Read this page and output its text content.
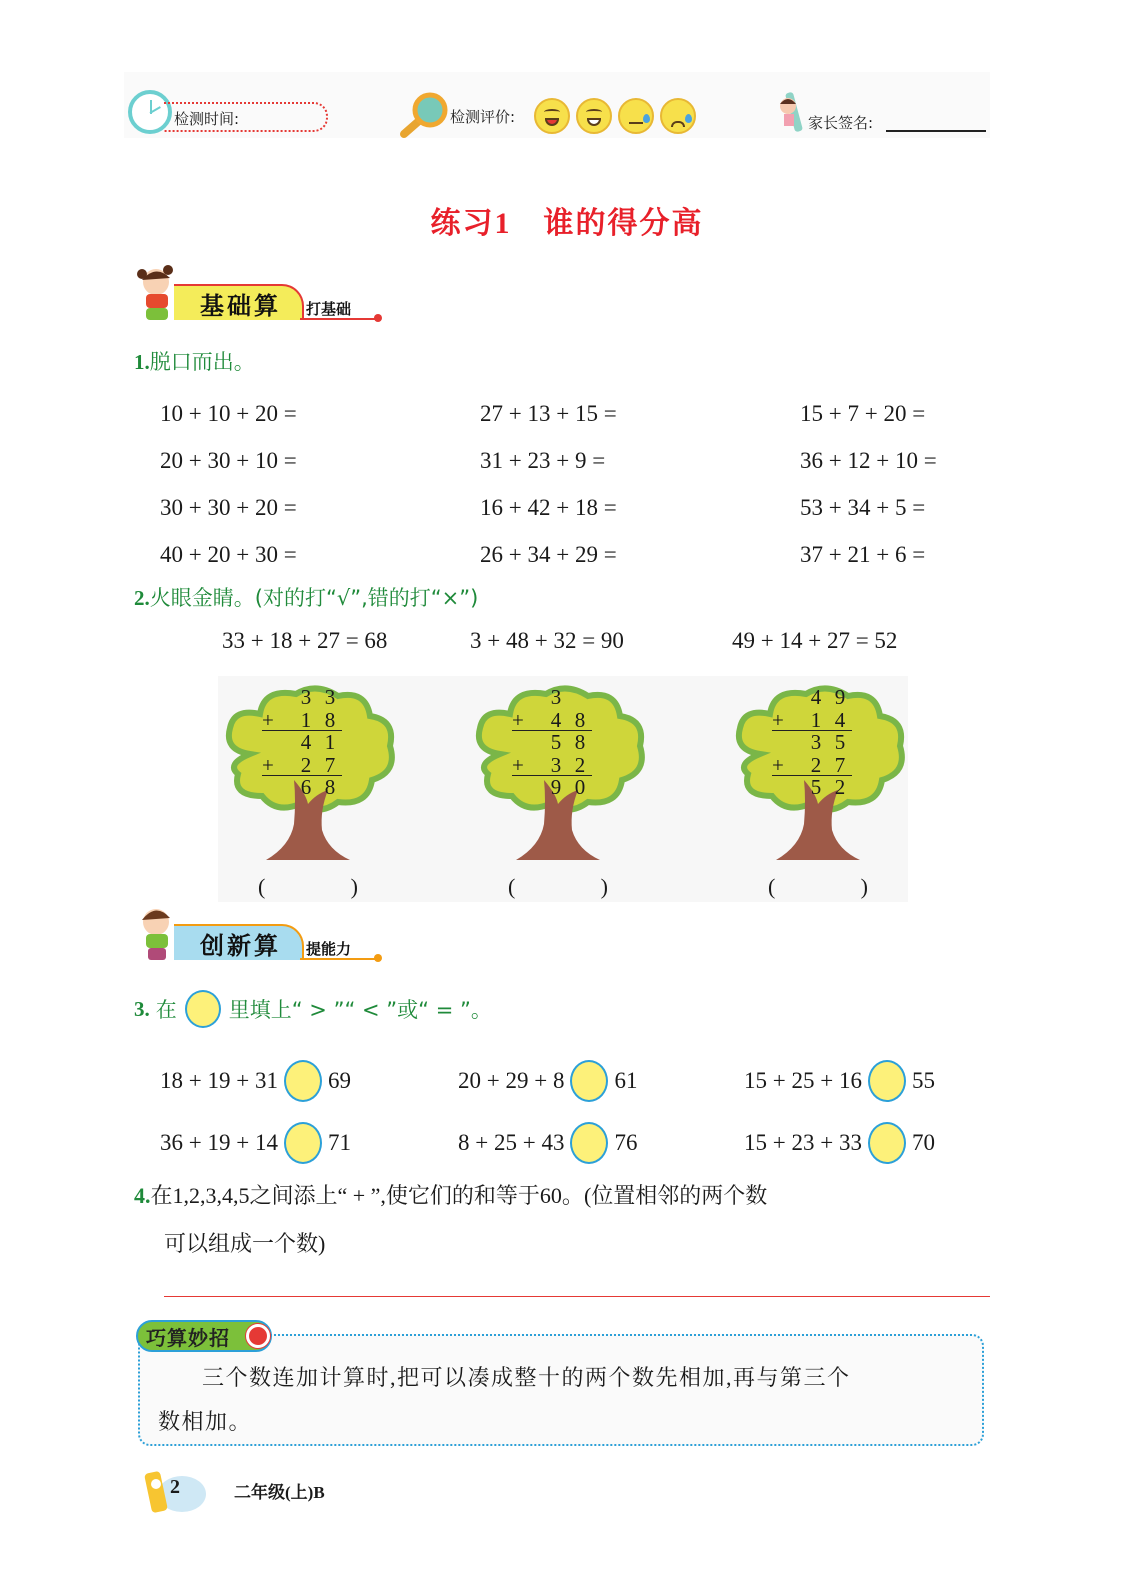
检测时间:	检测评价:	家长签名:
练习1　谁的得分高
基础算 打基础
1.脱口而出。
10 + 10 + 20 =	27 + 13 + 15 =	15 + 7 + 20 =
20 + 30 + 10 =	31 + 23 + 9 =	36 + 12 + 10 =
30 + 30 + 20 =	16 + 42 + 18 =	53 + 34 + 5 =
40 + 20 + 30 =	26 + 34 + 29 =	37 + 21 + 6 =
2.火眼金睛。(对的打“√”,错的打“×”)
33 + 18 + 27 = 68	3 + 48 + 32 = 90	49 + 14 + 27 = 52
3 3
+	1 8
4 1
+	2 7
6 8
(	)
3
+	4 8
5 8
+	3 2
9 0
(	)
4 9
+	1 4
3 5
+	2 7
5 2
(	)
创新算 提能力
3. 在 里填上“ > ”“ < ”或“ = ”。
18 + 19 + 31 69	20 + 29 + 8 61	15 + 25 + 16 55
36 + 19 + 14 71	8 + 25 + 43 76	15 + 23 + 33 70
4.在1,2,3,4,5之间添上“ + ”,使它们的和等于60。(位置相邻的两个数
可以组成一个数)
巧算妙招
三个数连加计算时,把可以凑成整十的两个数先相加,再与第三个
数相加。
2	二年级(上)B
